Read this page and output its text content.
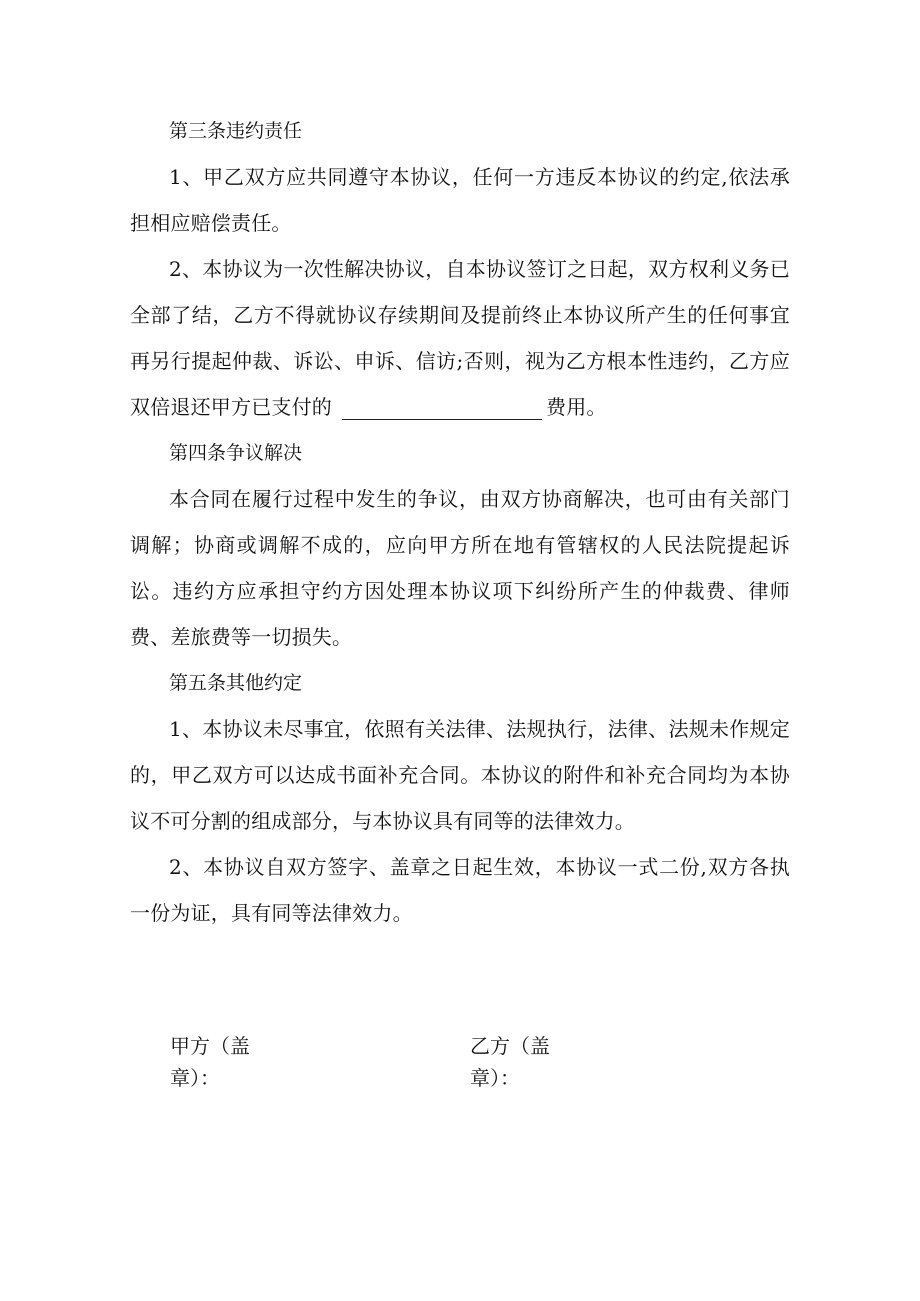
第三条违约责任

1、甲乙双方应共同遵守本协议，任何一方违反本协议的约定,依法承担相应赔偿责任。

2、本协议为一次性解决协议，自本协议签订之日起，双方权利义务已全部了结，乙方不得就协议存续期间及提前终止本协议所产生的任何事宜再另行提起仲裁、诉讼、申诉、信访;否则，视为乙方根本性违约，乙方应双倍退还甲方已支付的	费用。

第四条争议解决

本合同在履行过程中发生的争议，由双方协商解决，也可由有关部门调解；协商或调解不成的，应向甲方所在地有管辖权的人民法院提起诉讼。违约方应承担守约方因处理本协议项下纠纷所产生的仲裁费、律师费、差旅费等一切损失。

第五条其他约定

1、本协议未尽事宜，依照有关法律、法规执行，法律、法规未作规定的，甲乙双方可以达成书面补充合同。本协议的附件和补充合同均为本协议不可分割的组成部分，与本协议具有同等的法律效力。

2、本协议自双方签字、盖章之日起生效，本协议一式二份,双方各执一份为证，具有同等法律效力。

甲方（盖章）：
乙方（盖章）：
